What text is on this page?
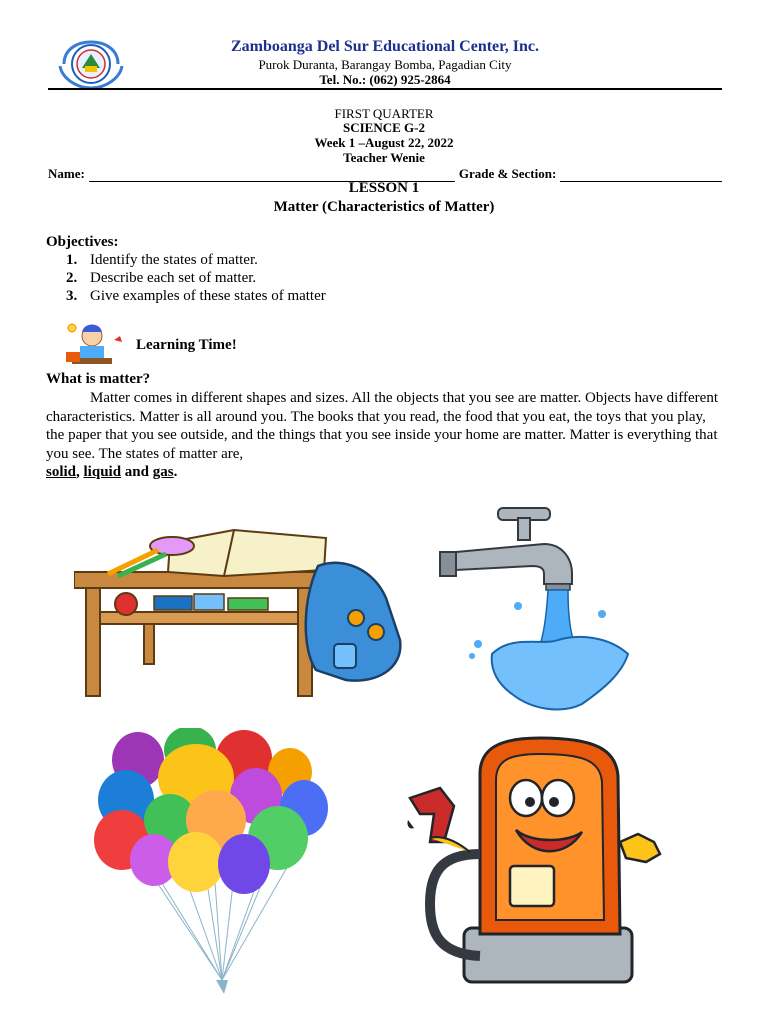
Zamboanga Del Sur Educational Center, Inc.
Purok Duranta, Barangay Bomba, Pagadian City
Tel. No.: (062) 925-2864
FIRST QUARTER
SCIENCE G-2
Week 1 –August 22, 2022
Teacher Wenie
Name:	Grade & Section:
LESSON 1
Matter (Characteristics of Matter)
Objectives:
1. Identify the states of matter.
2. Describe each set of matter.
3. Give examples of these states of matter
Learning Time!
What is matter?

Matter comes in different shapes and sizes. All the objects that you see are matter. Objects have different characteristics. Matter is all around you. The books that you read, the food that you eat, the toys that you play, the paper that you see outside, and the things that you see inside your home are matter. Matter is everything that you see. The states of matter are,

solid, liquid and gas.
